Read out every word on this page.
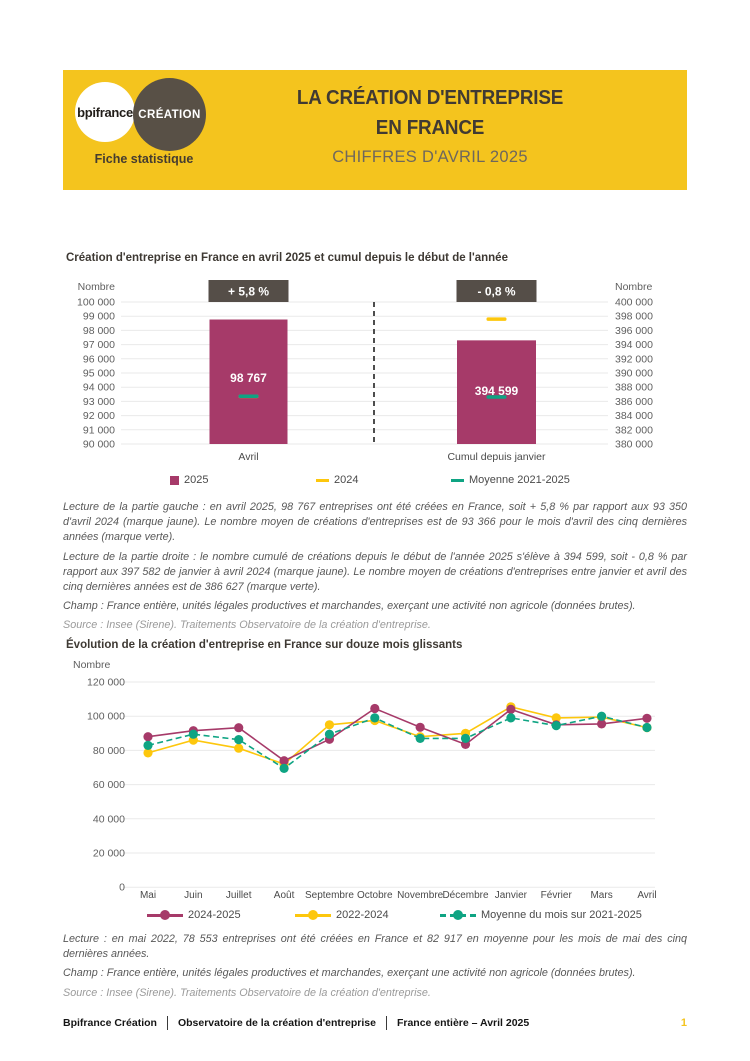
bpifrance CRÉATION
Fiche statistique
LA CRÉATION D'ENTREPRISE
EN FRANCE
CHIFFRES D'AVRIL 2025
Création d'entreprise en France en avril 2025 et cumul depuis le début de l'année
Nombre	Nombre
100 000	400 000
99 000	398 000
98 000	396 000
97 000	394 000
96 000	392 000
95 000	390 000
94 000	388 000
93 000	386 000
92 000	384 000
91 000	382 000
90 000	380 000
98 767
394 599
+ 5,8 %	- 0,8 %
Avril	Cumul depuis janvier
2025	2024	Moyenne 2021-2025

Lecture de la partie gauche : en avril 2025, 98 767 entreprises ont été créées en France, soit + 5,8 % par rapport aux 93 350 d'avril 2024 (marque jaune). Le nombre moyen de créations d'entreprises est de 93 366 pour le mois d'avril des cinq dernières années (marque verte).

Lecture de la partie droite : le nombre cumulé de créations depuis le début de l'année 2025 s'élève à 394 599, soit - 0,8 % par rapport aux 397 582 de janvier à avril 2024 (marque jaune). Le nombre moyen de créations d'entreprises entre janvier et avril des cinq dernières années est de 386 627 (marque verte).

Champ : France entière, unités légales productives et marchandes, exerçant une activité non agricole (données brutes).

Source : Insee (Sirene). Traitements Observatoire de la création d'entreprise.

Évolution de la création d'entreprise en France sur douze mois glissants
Nombre
120 000
100 000
80 000
60 000
40 000
20 000
0
Mai	Juin Juillet Août Septembre Octobre Novembre Décembre Janvier Février Mars Avril
2024-2025	2022-2024	Moyenne du mois sur 2021-2025

Lecture : en mai 2022, 78 553 entreprises ont été créées en France et 82 917 en moyenne pour les mois de mai des cinq dernières années.

Champ : France entière, unités légales productives et marchandes, exerçant une activité non agricole (données brutes).

Source : Insee (Sirene). Traitements Observatoire de la création d'entreprise.

Bpifrance Création Observatoire de la création d'entreprise France entière – Avril 2025	1
